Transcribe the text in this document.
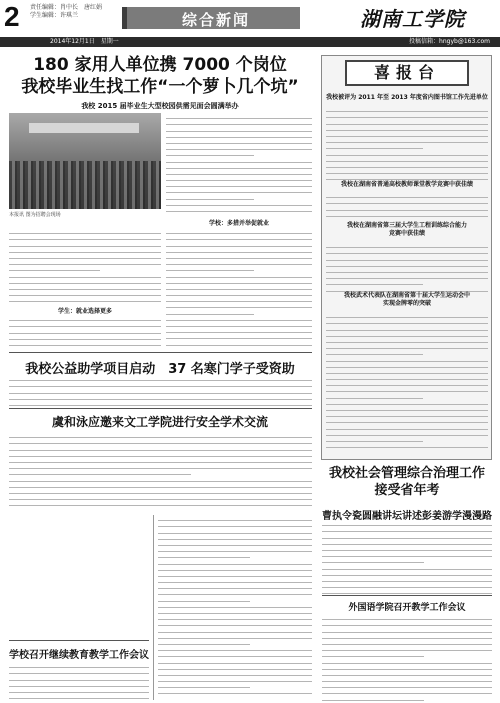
2 责任编辑：肖中长　唐红娟
学生编辑：许琪兰	综合新闻	湖南工学院
2014年12月1日　星期一	投稿信箱：hngyb@163.com
180 家用人单位携 7000 个岗位
我校毕业生找工作“一个萝卜几个坑”
我校 2015 届毕业生大型校园供需见面会圆满举办
本报讯 图为招聘会现场
学生：就业选择更多
学校：多措并举促就业
我校公益助学项目启动　37 名寒门学子受资助
虞和泳应邀来文工学院进行安全学术交流
学校召开继续教育教学工作会议
喜报台
我校被评为 2011 年至 2013 年度省内图书馆工作先进单位
我校在湖南省普通高校教师课堂教学竞赛中获佳绩
我校在湖南省第三届大学生工程训练综合能力竞赛中获佳绩
我校武术代表队在湖南省第十届大学生运动会中实现金牌零的突破
我校社会管理综合治理工作
接受省年考
曹执令瓷圆融讲坛讲述彭姜游学漫漫路
外国语学院召开教学工作会议
